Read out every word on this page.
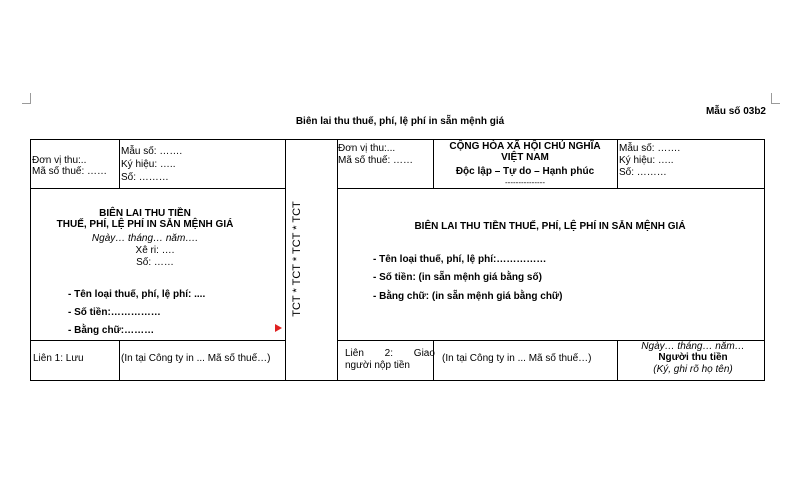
Mẫu số 03b2
Biên lai thu thuế, phí, lệ phí in sẵn mệnh giá
Đơn vị thu:..
Mã số thuế: ……
Mẫu số: …….
Ký hiệu: …..
Số: ………
BIÊN LAI THU TIỀN
THUẾ, PHÍ, LỆ PHÍ IN SẴN MỆNH GIÁ
Ngày… tháng… năm….
Xê ri: ….
Số: ……
- Tên loại thuế, phí, lệ phí: ....
- Số tiền:……………
- Bằng chữ:………
Liên 1: Lưu	(In tại Công ty in ... Mã số thuế…)
TCT * TCT * TCT * TCT
Đơn vị thu:...
Mã số thuế: ……
CỘNG HÒA XÃ HỘI CHỦ NGHĨA
VIỆT NAM
Độc lập – Tự do – Hạnh phúc
---------------
Mẫu số: …….
Ký hiệu: …..
Số: ………
BIÊN LAI THU TIỀN THUẾ, PHÍ, LỆ PHÍ IN SẴN MỆNH GIÁ
- Tên loại thuế, phí, lệ phí:……………
- Số tiền: (in sẵn mệnh giá bằng số)
- Bằng chữ: (in sẵn mệnh giá bằng chữ)
Liên 2: Giao
người nộp tiền
(In tại Công ty in ... Mã số thuế…)
Ngày… tháng… năm…
Người thu tiền
(Ký, ghi rõ họ tên)
